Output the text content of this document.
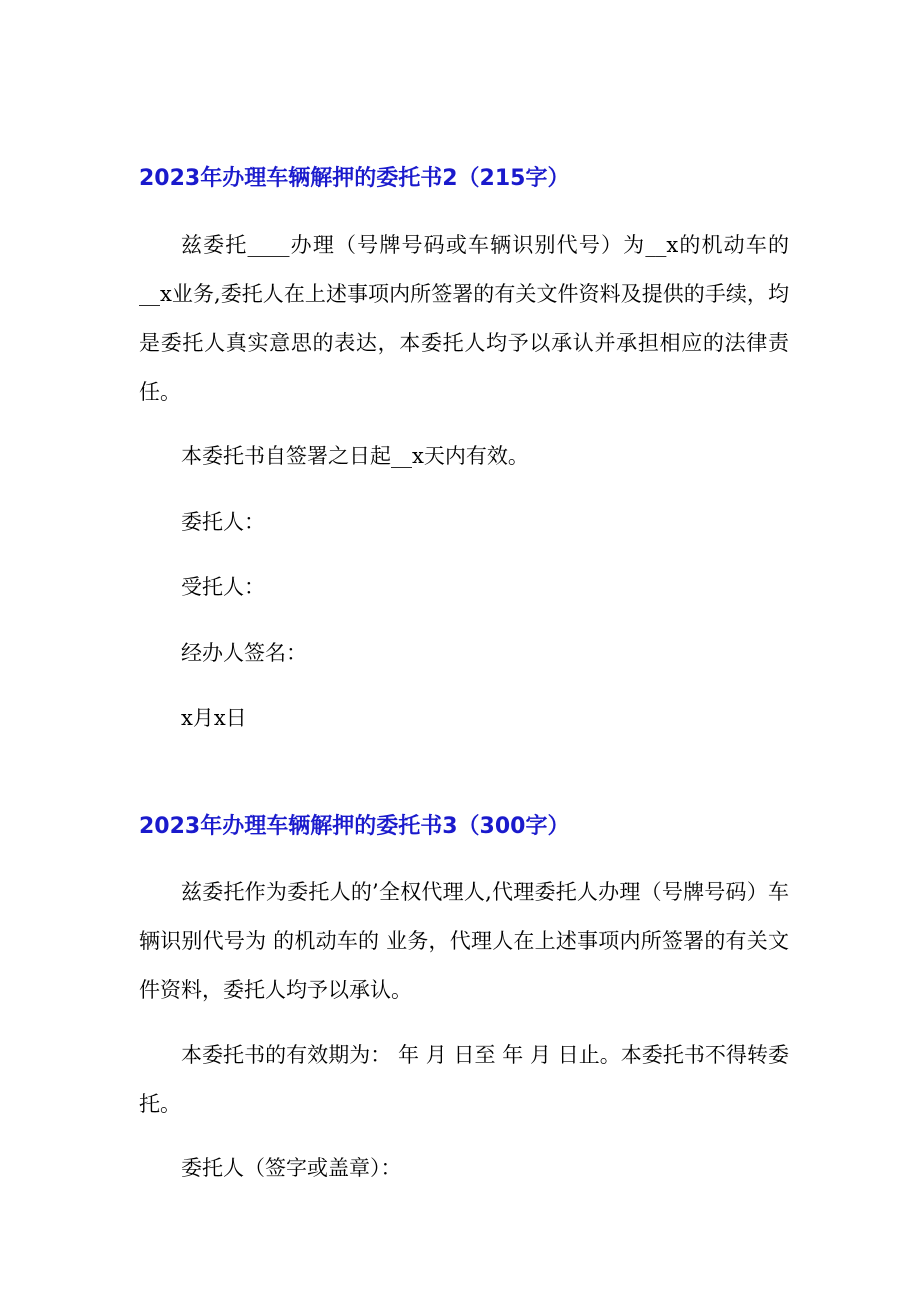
2023年办理车辆解押的委托书2（215字）

兹委托____办理（号牌号码或车辆识别代号）为__x的机动车的__x业务,委托人在上述事项内所签署的有关文件资料及提供的手续，均是委托人真实意思的表达，本委托人均予以承认并承担相应的法律责任。

本委托书自签署之日起__x天内有效。

委托人：

受托人：

经办人签名：

x月x日

2023年办理车辆解押的委托书3（300字）

兹委托作为委托人的’全权代理人,代理委托人办理（号牌号码）车辆识别代号为 的机动车的 业务，代理人在上述事项内所签署的有关文件资料，委托人均予以承认。

本委托书的有效期为： 年 月 日至 年 月 日止。本委托书不得转委托。

委托人（签字或盖章）：
